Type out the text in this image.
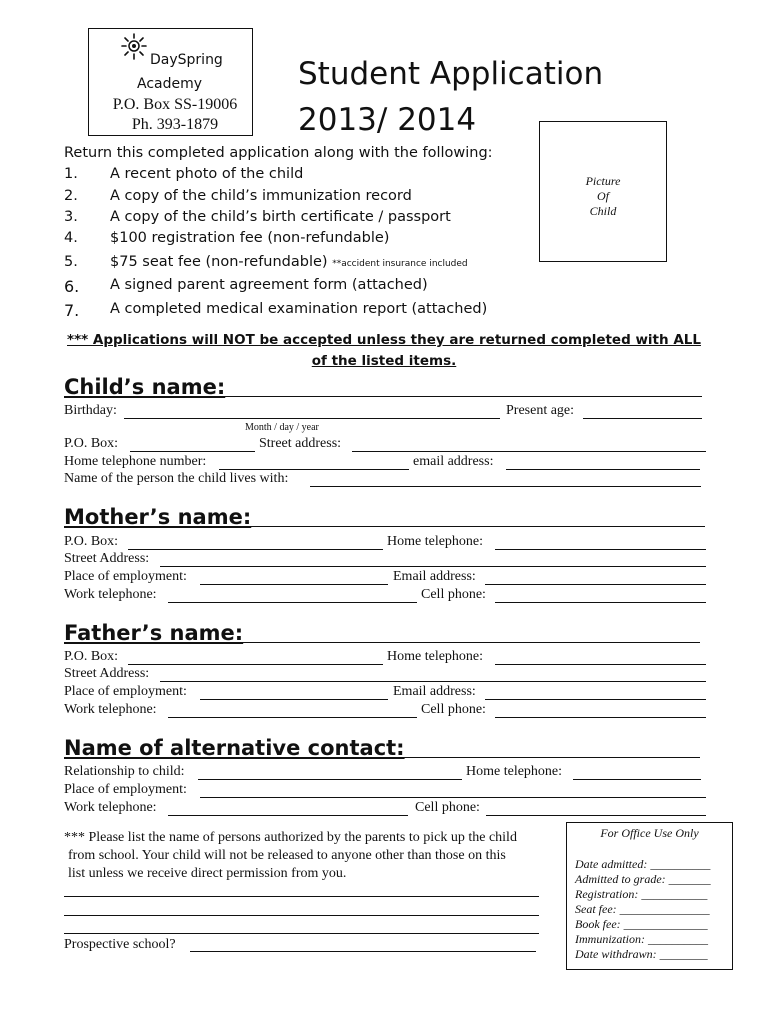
DaySpring
Academy
P.O. Box SS-19006
Ph. 393-1879
Student Application
2013/ 2014
Picture
Of
Child
Return this completed application along with the following:
1.	A recent photo of the child
2.	A copy of the child’s immunization record
3.	A copy of the child’s birth certificate / passport
4.	$100 registration fee (non-refundable)
5.	$75 seat fee (non-refundable) **accident insurance included
6.	A signed parent agreement form (attached)
7.	A completed medical examination report (attached)
*** Applications will NOT be accepted unless they are returned completed with ALL
of the listed items.
Child’s name:
Birthday:	Present age:
Month / day / year
P.O. Box:	Street address:
Home telephone number:	email address:
Name of the person the child lives with:
Mother’s name:
P.O. Box:	Home telephone:
Street Address:
Place of employment:	Email address:
Work telephone:	Cell phone:
Father’s name:
P.O. Box:	Home telephone:
Street Address:
Place of employment:	Email address:
Work telephone:	Cell phone:
Name of alternative contact:
Relationship to child:	Home telephone:
Place of employment:
Work telephone:	Cell phone:
*** Please list the name of persons authorized by the parents to pick up the child
from school. Your child will not be released to anyone other than those on this
list unless we receive direct permission from you.
Prospective school?
For Office Use Only
Date admitted: __________
Admitted to grade: _______
Registration: ___________
Seat fee: _______________
Book fee: ______________
Immunization: __________
Date withdrawn: ________
